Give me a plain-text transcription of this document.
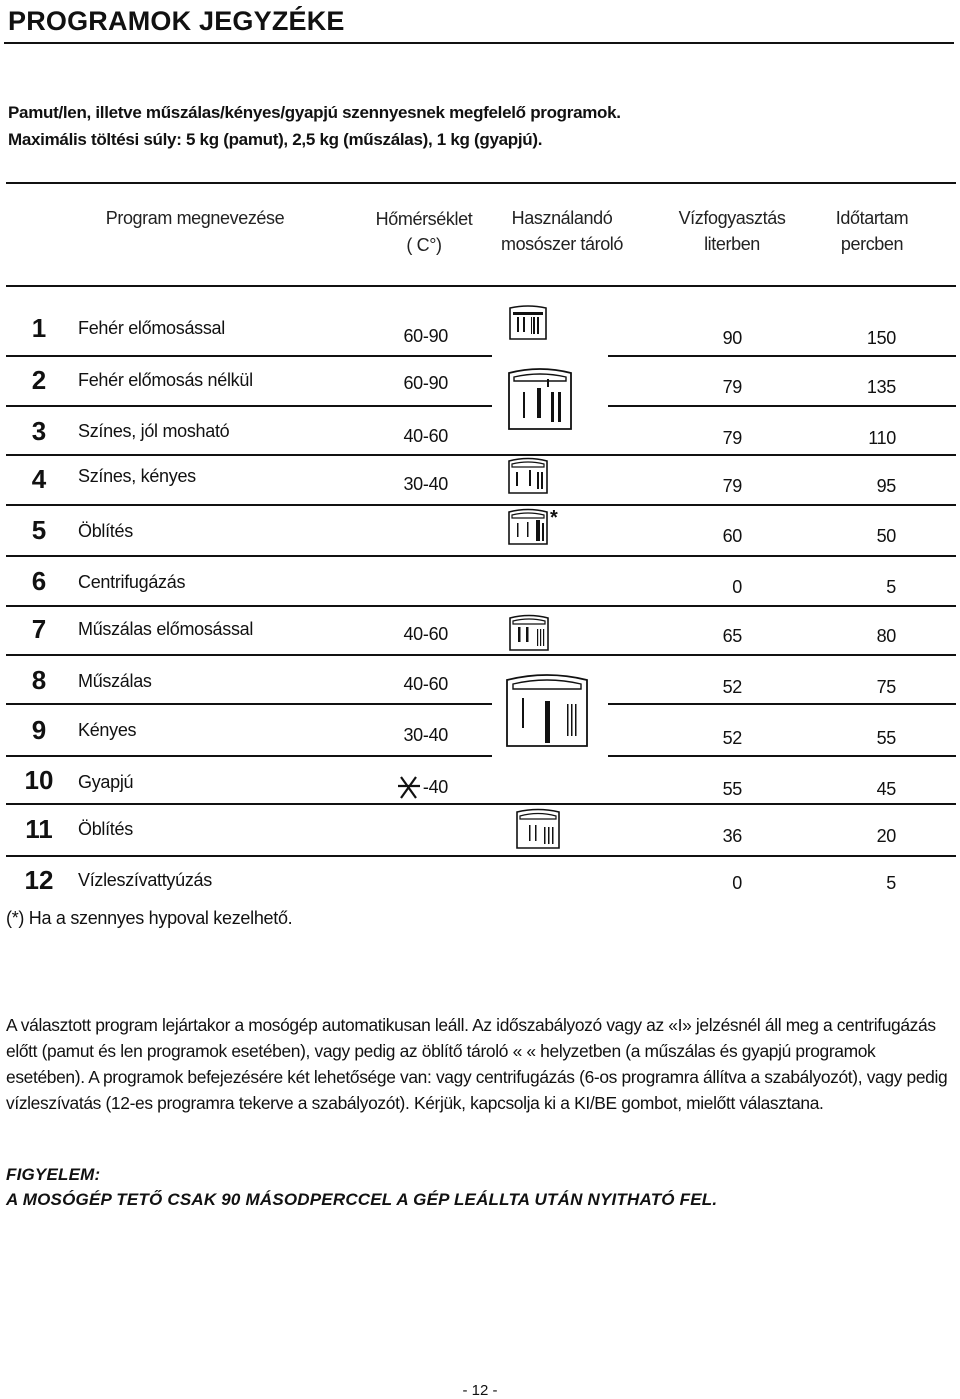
PROGRAMOK JEGYZÉKE
Pamut/len, illetve műszálas/kényes/gyapjú szennyesnek megfelelő programok.
Maximális töltési súly: 5 kg (pamut), 2,5 kg (műszálas), 1 kg (gyapjú).
Program megnevezése	Hőmérséklet
( C°)
Használandó
mosószer tároló
Vízfogyasztás
literben
Időtartam
percben
1
2
3
4
5
6
7
8
9
10
11
12
Fehér előmosással
Fehér előmosás nélkül
Színes, jól mosható
Színes, kényes
Öblítés
Centrifugázás
Műszálas előmosással
Műszálas
Kényes
Gyapjú
Öblítés
Vízleszívattyúzás
60-90
60-90
40-60
30-40
40-60
40-60
30-40
-40
90
79
79
79
60
0
65
52
52
55
36
0
150
135
110
95
50
5
80
75
55
45
20
5
*
(*) Ha a szennyes hypoval kezelhető.
A választott program lejártakor a mosógép automatikusan leáll. Az időszabályozó vagy az «I» jelzésnél áll meg a centrifugázás előtt (pamut és len programok esetében), vagy pedig az öblítő tároló « « helyzetben (a műszálas és gyapjú programok esetében). A programok befejezésére két lehetősége van: vagy centrifugázás (6-os programra állítva a szabályozót), vagy pedig vízleszívatás (12-es programra tekerve a szabályozót). Kérjük, kapcsolja ki a KI/BE gombot, mielőtt választana.
FIGYELEM:
A MOSÓGÉP TETŐ CSAK 90 MÁSODPERCCEL A GÉP LEÁLLTA UTÁN NYITHATÓ FEL.
- 12 -
